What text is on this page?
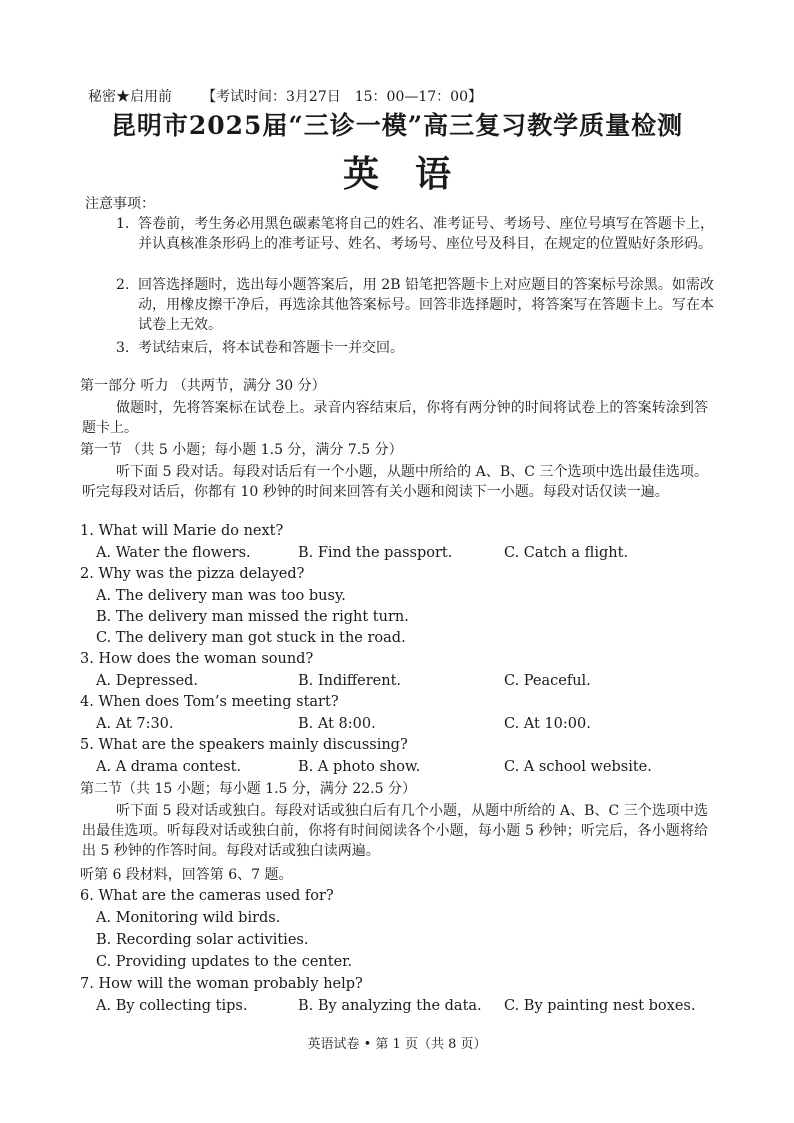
秘密★启用前 【考试时间：3月27日　15：00—17：00】
昆明市2025届“三诊一模”高三复习教学质量检测
英语
注意事项：
1. 答卷前，考生务必用黑色碳素笔将自己的姓名、准考证号、考场号、座位号填写在答题卡上，并认真核准条形码上的准考证号、姓名、考场号、座位号及科目，在规定的位置贴好条形码。
2. 回答选择题时，选出每小题答案后，用 2B 铅笔把答题卡上对应题目的答案标号涂黑。如需改动，用橡皮擦干净后，再选涂其他答案标号。回答非选择题时，将答案写在答题卡上。写在本试卷上无效。
3. 考试结束后，将本试卷和答题卡一并交回。
第一部分 听力 （共两节，满分 30 分）
做题时，先将答案标在试卷上。录音内容结束后，你将有两分钟的时间将试卷上的答案转涂到答题卡上。
第一节 （共 5 小题；每小题 1.5 分，满分 7.5 分）
听下面 5 段对话。每段对话后有一个小题，从题中所给的 A、B、C 三个选项中选出最佳选项。听完每段对话后，你都有 10 秒钟的时间来回答有关小题和阅读下一小题。每段对话仅读一遍。
1. What will Marie do next?
A. Water the flowers.	B. Find the passport.	C. Catch a flight.
2. Why was the pizza delayed?
A. The delivery man was too busy.
B. The delivery man missed the right turn.
C. The delivery man got stuck in the road.
3. How does the woman sound?
A. Depressed.	B. Indifferent.	C. Peaceful.
4. When does Tom’s meeting start?
A. At 7:30.	B. At 8:00.	C. At 10:00.
5. What are the speakers mainly discussing?
A. A drama contest.	B. A photo show.	C. A school website.
第二节（共 15 小题；每小题 1.5 分，满分 22.5 分）
听下面 5 段对话或独白。每段对话或独白后有几个小题，从题中所给的 A、B、C 三个选项中选出最佳选项。听每段对话或独白前，你将有时间阅读各个小题，每小题 5 秒钟；听完后，各小题将给出 5 秒钟的作答时间。每段对话或独白读两遍。
听第 6 段材料，回答第 6、7 题。
6. What are the cameras used for?
A. Monitoring wild birds.
B. Recording solar activities.
C. Providing updates to the center.
7. How will the woman probably help?
A. By collecting tips.	B. By analyzing the data. C. By painting nest boxes.
英语试卷 • 第 1 页（共 8 页）
